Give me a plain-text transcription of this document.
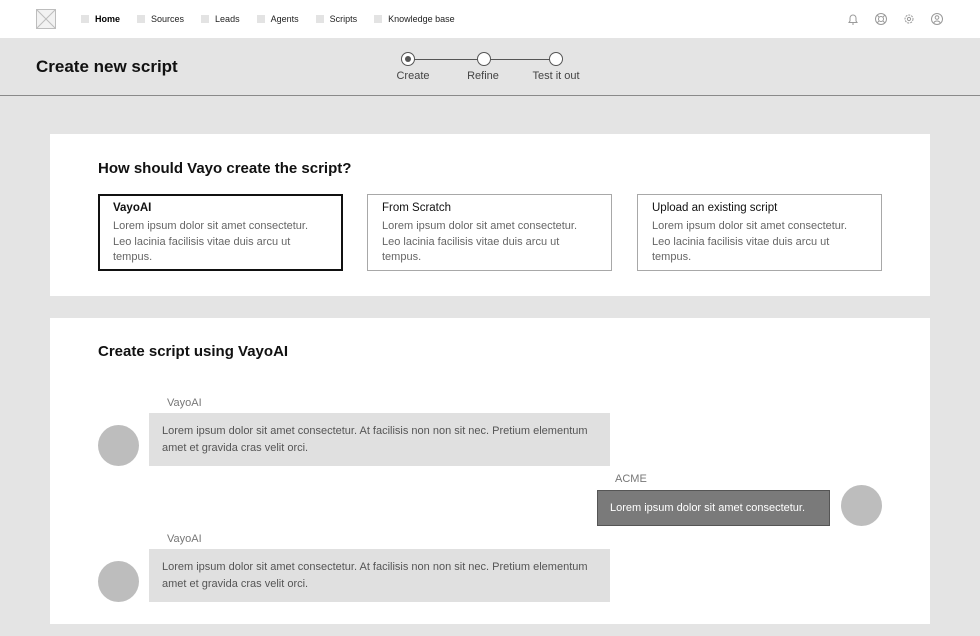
Home	Sources	Leads	Agents	Scripts	Knowledge base
Create new script	Create	Refine	Test it out
How should Vayo create the script?
VayoAI
Lorem ipsum dolor sit amet consectetur. Leo lacinia facilisis vitae duis arcu ut tempus.
From Scratch
Lorem ipsum dolor sit amet consectetur. Leo lacinia facilisis vitae duis arcu ut tempus.
Upload an existing script
Lorem ipsum dolor sit amet consectetur. Leo lacinia facilisis vitae duis arcu ut tempus.
Create script using VayoAI
VayoAI
Lorem ipsum dolor sit amet consectetur. At facilisis non non sit nec. Pretium elementum amet et gravida cras velit orci.
ACME
Lorem ipsum dolor sit amet consectetur.
VayoAI
Lorem ipsum dolor sit amet consectetur. At facilisis non non sit nec. Pretium elementum amet et gravida cras velit orci.
